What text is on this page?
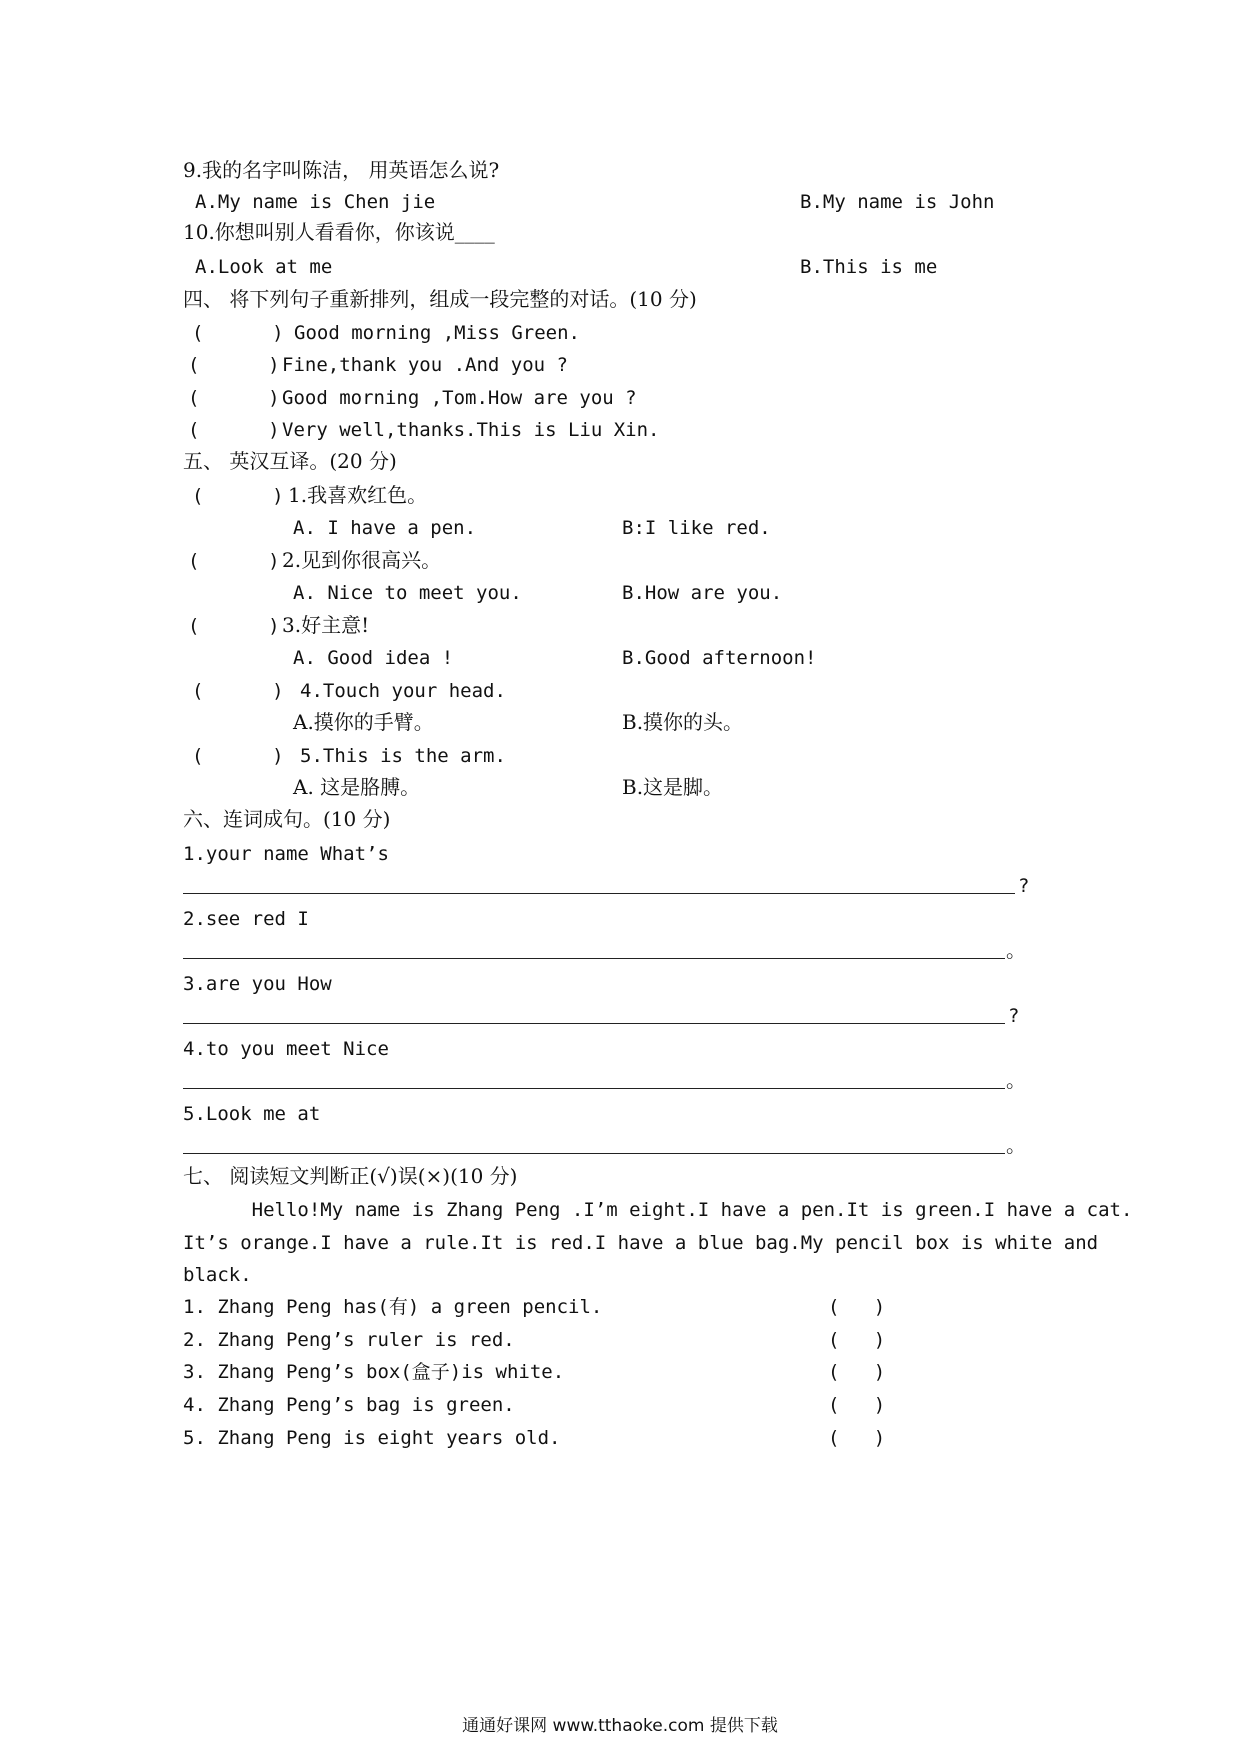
9.我的名字叫陈洁， 用英语怎么说?
A.My name is Chen jie	B.My name is John
10.你想叫别人看看你，你该说____
A.Look at me	B.This is me
四、 将下列句子重新排列，组成一段完整的对话。(10 分)
(      ) Good morning ,Miss Green.
(      ) Fine,thank you .And you ?
(      ) Good morning ,Tom.How are you ?
(      ) Very well,thanks.This is Liu Xin.
五、 英汉互译。(20 分)
(      ) 1.我喜欢红色。
A. I have a pen.	B:I like red.
(      ) 2.见到你很高兴。
A. Nice to meet you.	B.How are you.
(      ) 3.好主意!
A. Good idea !	B.Good afternoon!
(      ) 4.Touch your head.
A.摸你的手臂。	B.摸你的头。
(      ) 5.This is the arm.
A. 这是胳膊。	B.这是脚。
六、连词成句。(10 分)
1.your name What’s
?
2.see red I
。
3.are you How
?
4.to you meet Nice
。
5.Look me at
。
七、 阅读短文判断正(√)误(×)(10 分)
Hello!My name is Zhang Peng .I’m eight.I have a pen.It is green.I have a cat.
It’s orange.I have a rule.It is red.I have a blue bag.My pencil box is white and
black.
1. Zhang Peng has(有) a green pencil.	(   )
2. Zhang Peng’s ruler is red.	(   )
3. Zhang Peng’s box(盒子)is white.	(   )
4. Zhang Peng’s bag is green.	(   )
5. Zhang Peng is eight years old.	(   )
通通好课网 www.tthaoke.com 提供下载
